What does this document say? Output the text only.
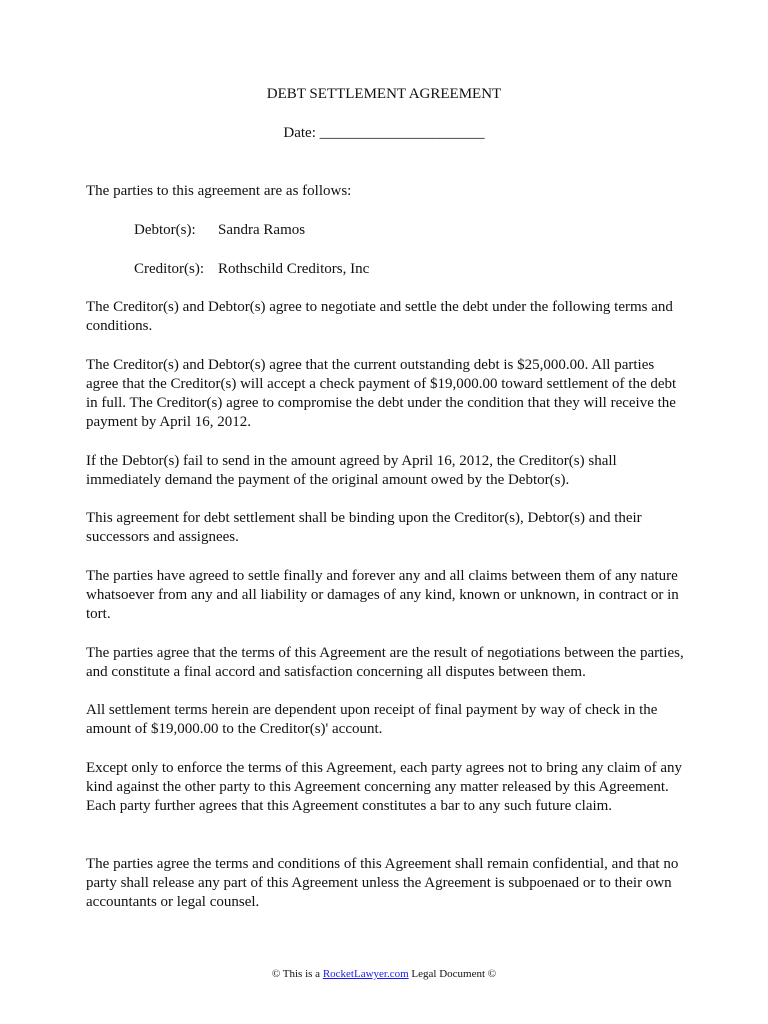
DEBT SETTLEMENT AGREEMENT
Date: ______________________

The parties to this agreement are as follows:

Debtor(s): Sandra Ramos
Creditor(s): Rothschild Creditors, Inc

The Creditor(s) and Debtor(s) agree to negotiate and settle the debt under the following terms and conditions.

The Creditor(s) and Debtor(s) agree that the current outstanding debt is $25,000.00. All parties agree that the Creditor(s) will accept a check payment of $19,000.00 toward settlement of the debt in full. The Creditor(s) agree to compromise the debt under the condition that they will receive the payment by April 16, 2012.

If the Debtor(s) fail to send in the amount agreed by April 16, 2012, the Creditor(s) shall immediately demand the payment of the original amount owed by the Debtor(s).

This agreement for debt settlement shall be binding upon the Creditor(s), Debtor(s) and their successors and assignees.

The parties have agreed to settle finally and forever any and all claims between them of any nature whatsoever from any and all liability or damages of any kind, known or unknown, in contract or in tort.

The parties agree that the terms of this Agreement are the result of negotiations between the parties, and constitute a final accord and satisfaction concerning all disputes between them.

All settlement terms herein are dependent upon receipt of final payment by way of check in the amount of $19,000.00 to the Creditor(s)' account.

Except only to enforce the terms of this Agreement, each party agrees not to bring any claim of any kind against the other party to this Agreement concerning any matter released by this Agreement. Each party further agrees that this Agreement constitutes a bar to any such future claim.

The parties agree the terms and conditions of this Agreement shall remain confidential, and that no party shall release any part of this Agreement unless the Agreement is subpoenaed or to their own accountants or legal counsel.

© This is a RocketLawyer.com Legal Document ©
